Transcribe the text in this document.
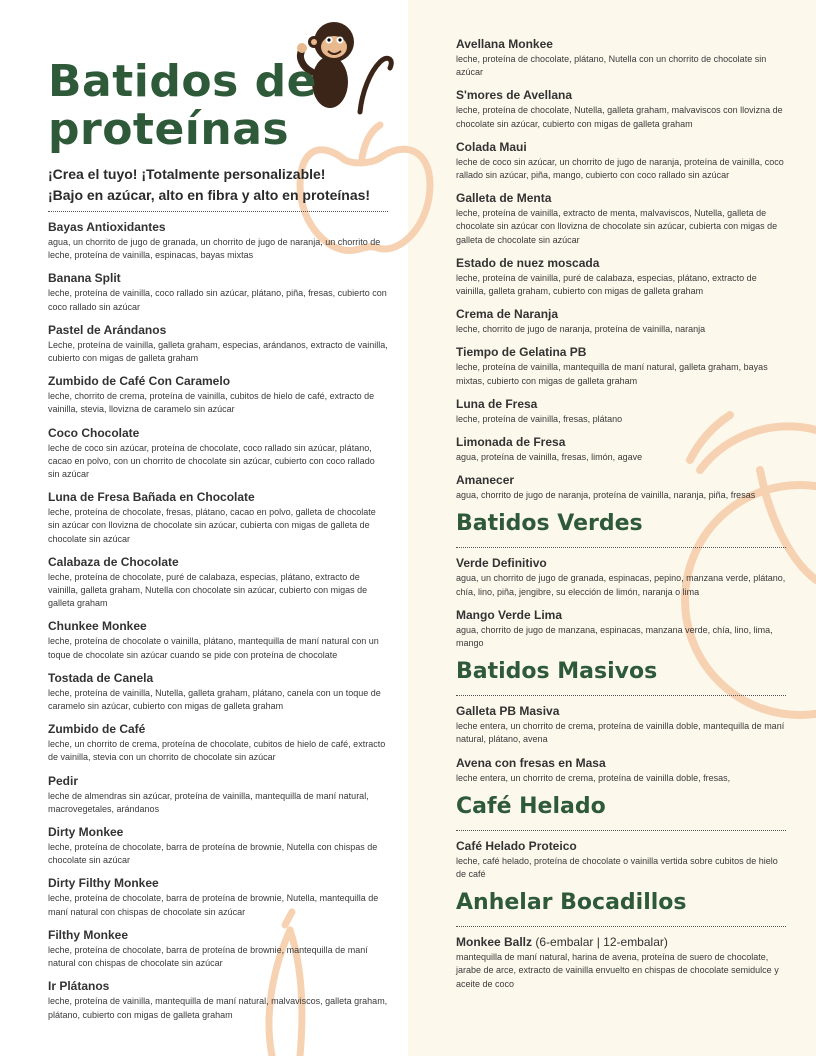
Batidos de proteínas
¡Crea el tuyo! ¡Totalmente personalizable!
¡Bajo en azúcar, alto en fibra y alto en proteínas!
Bayas Antioxidantes
agua, un chorrito de jugo de granada, un chorrito de jugo de naranja, un chorrito de leche, proteína de vainilla, espinacas, bayas mixtas
Banana Split
leche, proteína de vainilla, coco rallado sin azúcar, plátano, piña, fresas, cubierto con coco rallado sin azúcar
Pastel de Arándanos
Leche, proteína de vainilla, galleta graham, especias, arándanos, extracto de vainilla, cubierto con migas de galleta graham
Zumbido de Café Con Caramelo
leche, chorrito de crema, proteína de vainilla, cubitos de hielo de café, extracto de vainilla, stevia, llovizna de caramelo sin azúcar
Coco Chocolate
leche de coco sin azúcar, proteína de chocolate, coco rallado sin azúcar, plátano, cacao en polvo, con un chorrito de chocolate sin azúcar, cubierto con coco rallado sin azúcar
Luna de Fresa Bañada en Chocolate
leche, proteína de chocolate, fresas, plátano, cacao en polvo, galleta de chocolate sin azúcar con llovizna de chocolate sin azúcar, cubierta con migas de galleta de chocolate sin azúcar
Calabaza de Chocolate
leche, proteína de chocolate, puré de calabaza, especias, plátano, extracto de vainilla, galleta graham, Nutella con chocolate sin azúcar, cubierto con migas de galleta graham
Chunkee Monkee
leche, proteína de chocolate o vainilla, plátano, mantequilla de maní natural con un toque de chocolate sin azúcar cuando se pide con proteína de chocolate
Tostada de Canela
leche, proteína de vainilla, Nutella, galleta graham, plátano, canela con un toque de caramelo sin azúcar, cubierto con migas de galleta graham
Zumbido de Café
leche, un chorrito de crema, proteína de chocolate, cubitos de hielo de café, extracto de vainilla, stevia con un chorrito de chocolate sin azúcar
Pedir
leche de almendras sin azúcar, proteína de vainilla, mantequilla de maní natural, macrovegetales, arándanos
Dirty Monkee
leche, proteína de chocolate, barra de proteína de brownie, Nutella con chispas de chocolate sin azúcar
Dirty Filthy Monkee
leche, proteína de chocolate, barra de proteína de brownie, Nutella, mantequilla de maní natural con chispas de chocolate sin azúcar
Filthy Monkee
leche, proteína de chocolate, barra de proteína de brownie, mantequilla de maní natural con chispas de chocolate sin azúcar
Ir Plátanos
leche, proteína de vainilla, mantequilla de maní natural, malvaviscos, galleta graham, plátano, cubierto con migas de galleta graham
Avellana Monkee
leche, proteína de chocolate, plátano, Nutella con un chorrito de chocolate sin azúcar
S'mores de Avellana
leche, proteína de chocolate, Nutella, galleta graham, malvaviscos con llovizna de chocolate sin azúcar, cubierto con migas de galleta graham
Colada Maui
leche de coco sin azúcar, un chorrito de jugo de naranja, proteína de vainilla, coco rallado sin azúcar, piña, mango, cubierto con coco rallado sin azúcar
Galleta de Menta
leche, proteína de vainilla, extracto de menta, malvaviscos, Nutella, galleta de chocolate sin azúcar con llovizna de chocolate sin azúcar, cubierta con migas de galleta de chocolate sin azúcar
Estado de nuez moscada
leche, proteína de vainilla, puré de calabaza, especias, plátano, extracto de vainilla, galleta graham, cubierto con migas de galleta graham
Crema de Naranja
leche, chorrito de jugo de naranja, proteína de vainilla, naranja
Tiempo de Gelatina PB
leche, proteína de vainilla, mantequilla de maní natural, galleta graham, bayas mixtas, cubierto con migas de galleta graham
Luna de Fresa
leche, proteína de vainilla, fresas, plátano
Limonada de Fresa
agua, proteína de vainilla, fresas, limón, agave
Amanecer
agua, chorrito de jugo de naranja, proteína de vainilla, naranja, piña, fresas
Batidos Verdes
Verde Definitivo
agua, un chorrito de jugo de granada, espinacas, pepino, manzana verde, plátano, chía, lino, piña, jengibre, su elección de limón, naranja o lima
Mango Verde Lima
agua, chorrito de jugo de manzana, espinacas, manzana verde, chía, lino, lima, mango
Batidos Masivos
Galleta PB Masiva
leche entera, un chorrito de crema, proteína de vainilla doble, mantequilla de maní natural, plátano, avena
Avena con fresas en Masa
leche entera, un chorrito de crema, proteína de vainilla doble, fresas,
Café Helado
Café Helado Proteico
leche, café helado, proteína de chocolate o vainilla vertida sobre cubitos de hielo de café
Anhelar Bocadillos
Monkee Ballz (6-embalar | 12-embalar)
mantequilla de maní natural, harina de avena, proteína de suero de chocolate, jarabe de arce, extracto de vainilla envuelto en chispas de chocolate semidulce y aceite de coco
